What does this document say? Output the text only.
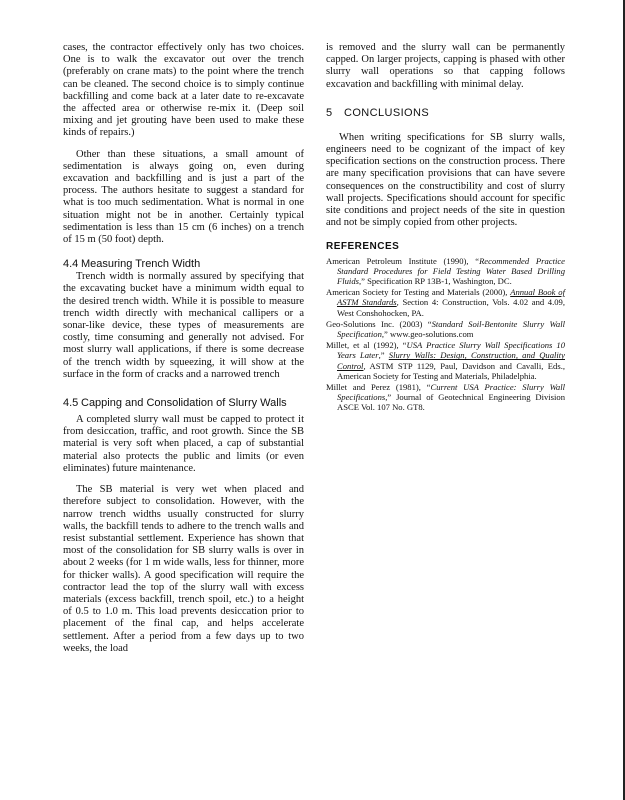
cases, the contractor effectively only has two choices. One is to walk the excavator out over the trench (preferably on crane mats) to the point where the trench can be cleaned. The second choice is to simply continue backfilling and come back at a later date to re-excavate the affected area or otherwise re-mix it. (Deep soil mixing and jet grouting have been used to make these kinds of repairs.)

Other than these situations, a small amount of sedimentation is always going on, even during excavation and backfilling and is just a part of the process. The authors hesitate to suggest a standard for what is too much sedimentation. What is normal in one situation might not be in another. Certainly typical sedimentation is less than 15 cm (6 inches) on a trench of 15 m (50 foot) depth.

4.4 Measuring Trench Width

Trench width is normally assured by specifying that the excavating bucket have a minimum width equal to the desired trench width. While it is possible to measure trench width directly with mechanical callipers or a sonar-like device, these types of measurements are costly, time consuming and generally not advised. For most slurry wall applications, if there is some decrease of the trench width by squeezing, it will show at the surface in the form of cracks and a narrowed trench

4.5 Capping and Consolidation of Slurry Walls

A completed slurry wall must be capped to protect it from desiccation, traffic, and root growth. Since the SB material is very soft when placed, a cap of substantial material also protects the public and limits (or even eliminates) future maintenance.

The SB material is very wet when placed and therefore subject to consolidation. However, with the narrow trench widths usually constructed for slurry walls, the backfill tends to adhere to the trench walls and resist substantial settlement. Experience has shown that most of the consolidation for SB slurry walls is over in about 2 weeks (for 1 m wide walls, less for thinner, more for thicker walls). A good specification will require the contractor lead the top of the slurry wall with excess materials (excess backfill, trench spoil, etc.) to a height of 0.5 to 1.0 m. This load prevents desiccation prior to placement of the final cap, and helps accelerate settlement. After a period from a few days up to two weeks, the load

is removed and the slurry wall can be permanently capped. On larger projects, capping is phased with other slurry wall operations so that capping follows excavation and backfilling with minimal delay.

5 CONCLUSIONS

When writing specifications for SB slurry walls, engineers need to be cognizant of the impact of key specification sections on the construction process. There are many specification provisions that can have severe consequences on the constructibility and cost of slurry wall projects. Specifications should account for specific site conditions and project needs of the site in question and not be simply copied from other projects.

REFERENCES

American Petroleum Institute (1990), “Recommended Practice Standard Procedures for Field Testing Water Based Drilling Fluids,” Specification RP 13B-1, Washington, DC.

American Society for Testing and Materials (2000), Annual Book of ASTM Standards, Section 4: Construction, Vols. 4.02 and 4.09, West Conshohocken, PA.

Geo-Solutions Inc. (2003) “Standard Soil-Bentonite Slurry Wall Specification,” www.geo-solutions.com

Millet, et al (1992), “USA Practice Slurry Wall Specifications 10 Years Later,” Slurry Walls: Design, Construction, and Quality Control, ASTM STP 1129, Paul, Davidson and Cavalli, Eds., American Society for Testing and Materials, Philadelphia.

Millet and Perez (1981), “Current USA Practice: Slurry Wall Specifications,” Journal of Geotechnical Engineering Division ASCE Vol. 107 No. GT8.
